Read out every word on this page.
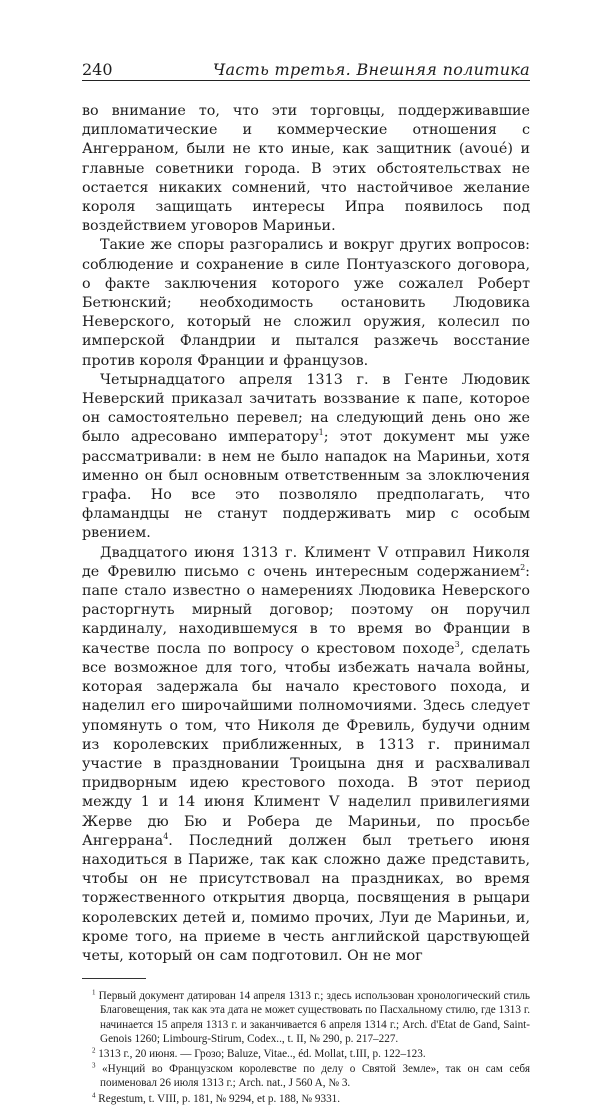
240	Часть третья. Внешняя политика

во внимание то, что эти торговцы, поддерживавшие дипломатические и коммерческие отношения с Ангерраном, были не кто иные, как защитник (avoué) и главные советники города. В этих обстоятельствах не остается никаких сомнений, что настойчивое желание короля защищать интересы Ипра появилось под воздействием уговоров Мариньи.

Такие же споры разгорались и вокруг других вопросов: соблюдение и сохранение в силе Понтуазского договора, о факте заключения которого уже сожалел Роберт Бетюнский; необходимость остановить Людовика Неверского, который не сложил оружия, колесил по имперской Фландрии и пытался разжечь восстание против короля Франции и французов.

Четырнадцатого апреля 1313 г. в Генте Людовик Неверский приказал зачитать воззвание к папе, которое он самостоятельно перевел; на следующий день оно же было адресовано императору$^1$; этот документ мы уже рассматривали: в нем не было нападок на Мариньи, хотя именно он был основным ответственным за злоключения графа. Но все это позволяло предполагать, что фламандцы не станут поддерживать мир с особым рвением.

Двадцатого июня 1313 г. Климент V отправил Николя де Фревилю письмо с очень интересным содержанием$^2$: папе стало известно о намерениях Людовика Неверского расторгнуть мирный договор; поэтому он поручил кардиналу, находившемуся в то время во Франции в качестве посла по вопросу о крестовом походе$^3$, сделать все возможное для того, чтобы избежать начала войны, которая задержала бы начало крестового похода, и наделил его широчайшими полномочиями. Здесь следует упомянуть о том, что Николя де Фревиль, будучи одним из королевских приближенных, в 1313 г. принимал участие в праздновании Троицына дня и расхваливал придворным идею крестового похода. В этот период между 1 и 14 июня Климент V наделил привилегиями Жерве дю Бю и Робера де Мариньи, по просьбе Ангеррана$^4$. Последний должен был третьего июня находиться в Париже, так как сложно даже представить, чтобы он не присутствовал на праздниках, во время торжественного открытия дворца, посвящения в рыцари королевских детей и, помимо прочих, Луи де Мариньи, и, кроме того, на приеме в честь английской царствующей четы, который он сам подготовил. Он не мог

$^1$ Первый документ датирован 14 апреля 1313 г.; здесь использован хронологический стиль Благовещения, так как эта дата не может существовать по Пасхальному стилю, где 1313 г. начинается 15 апреля 1313 г. и заканчивается 6 апреля 1314 г.; Arch. d'Etat de Gand, Saint-Genois 1260; Limbourg-Stirum, Codex.., t. II, № 290, p. 217–227.
$^2$ 1313 г., 20 июня. — Грозо; Baluze, Vitae.., éd. Mollat, t.III, p. 122–123.
$^3$ «Нунций во Французском королевстве по делу о Святой Земле», так он сам себя поименовал 26 июля 1313 г.; Arch. nat., J 560 A, № 3.
$^4$ Regestum, t. VIII, p. 181, № 9294, et p. 188, № 9331.
